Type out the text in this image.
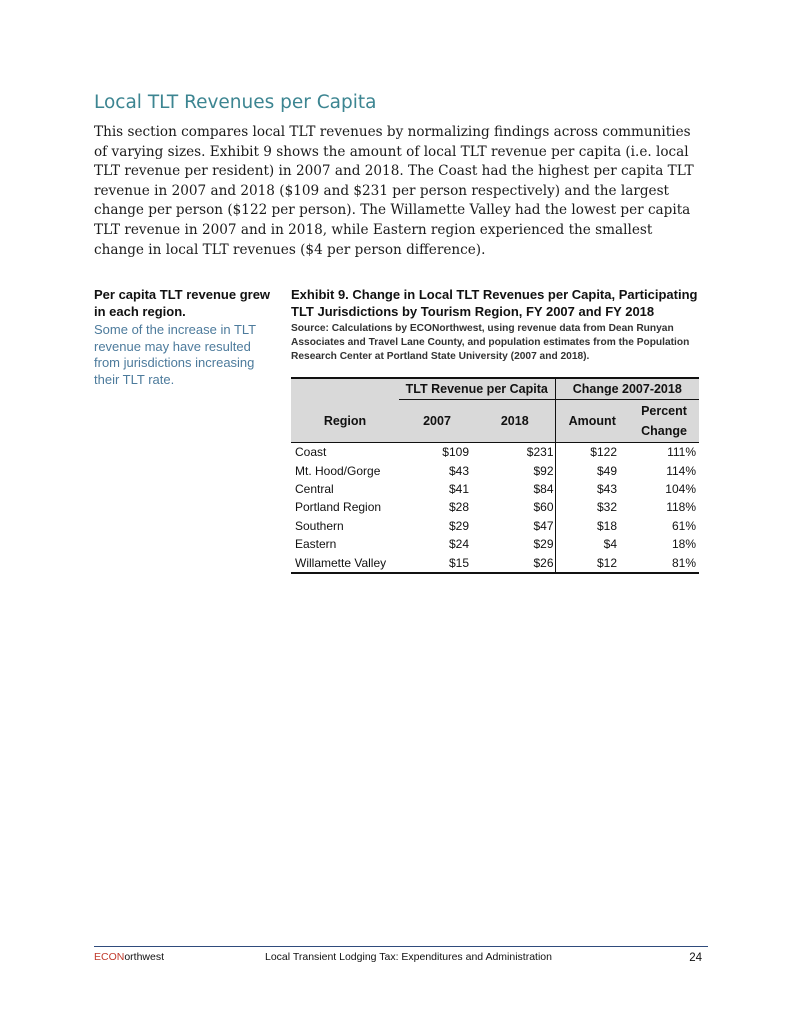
Local TLT Revenues per Capita

This section compares local TLT revenues by normalizing findings across communities of varying sizes. Exhibit 9 shows the amount of local TLT revenue per capita (i.e. local TLT revenue per resident) in 2007 and 2018. The Coast had the highest per capita TLT revenue in 2007 and 2018 ($109 and $231 per person respectively) and the largest change per person ($122 per person). The Willamette Valley had the lowest per capita TLT revenue in 2007 and in 2018, while Eastern region experienced the smallest change in local TLT revenues ($4 per person difference).

Per capita TLT revenue grew in each region.

Some of the increase in TLT revenue may have resulted from jurisdictions increasing their TLT rate.

Exhibit 9. Change in Local TLT Revenues per Capita, Participating TLT Jurisdictions by Tourism Region, FY 2007 and FY 2018

Source: Calculations by ECONorthwest, using revenue data from Dean Runyan Associates and Travel Lane County, and population estimates from the Population Research Center at Portland State University (2007 and 2018).

	TLT Revenue per Capita		Change 2007-2018	
Region	2007	2018	Amount	Percent
Change
Coast	$109	$231	$122	111%
Mt. Hood/Gorge	$43	$92	$49	114%
Central	$41	$84	$43	104%
Portland Region	$28	$60	$32	118%
Southern	$29	$47	$18	61%
Eastern	$24	$29	$4	18%
Willamette Valley	$15	$26	$12	81%
ECONorthwest	Local Transient Lodging Tax: Expenditures and Administration	24
